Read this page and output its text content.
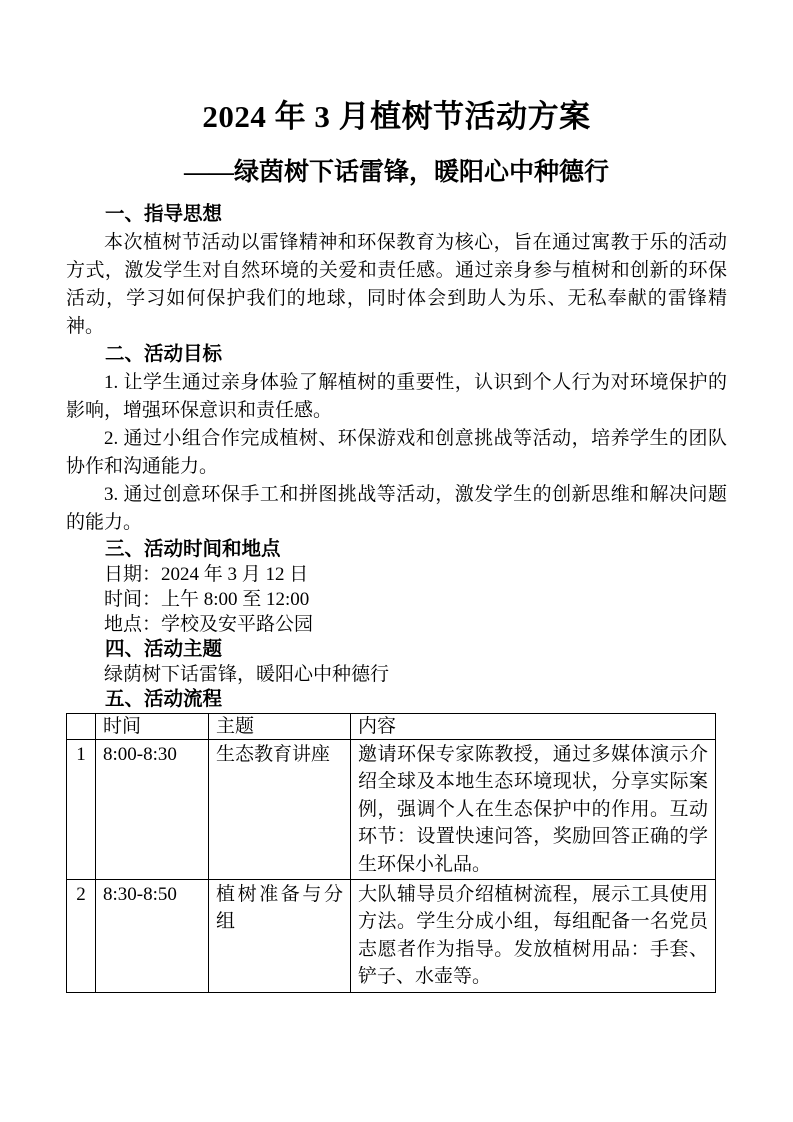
2024 年 3 月植树节活动方案
——绿茵树下话雷锋，暖阳心中种德行
一、指导思想

本次植树节活动以雷锋精神和环保教育为核心，旨在通过寓教于乐的活动方式，激发学生对自然环境的关爱和责任感。通过亲身参与植树和创新的环保活动，学习如何保护我们的地球，同时体会到助人为乐、无私奉献的雷锋精神。

二、活动目标

1. 让学生通过亲身体验了解植树的重要性，认识到个人行为对环境保护的影响，增强环保意识和责任感。

2. 通过小组合作完成植树、环保游戏和创意挑战等活动，培养学生的团队协作和沟通能力。

3. 通过创意环保手工和拼图挑战等活动，激发学生的创新思维和解决问题的能力。

三、活动时间和地点

日期：2024 年 3 月 12 日

时间：上午 8:00 至 12:00

地点：学校及安平路公园

四、活动主题

绿荫树下话雷锋，暖阳心中种德行

五、活动流程
	时间	主题	内容
1	8:00-8:30	生态教育讲座	邀请环保专家陈教授，通过多媒体演示介绍全球及本地生态环境现状，分享实际案例，强调个人在生态保护中的作用。互动环节：设置快速问答，奖励回答正确的学生环保小礼品。
2	8:30-8:50	植树准备与分组	大队辅导员介绍植树流程，展示工具使用方法。学生分成小组，每组配备一名党员志愿者作为指导。发放植树用品：手套、铲子、水壶等。
